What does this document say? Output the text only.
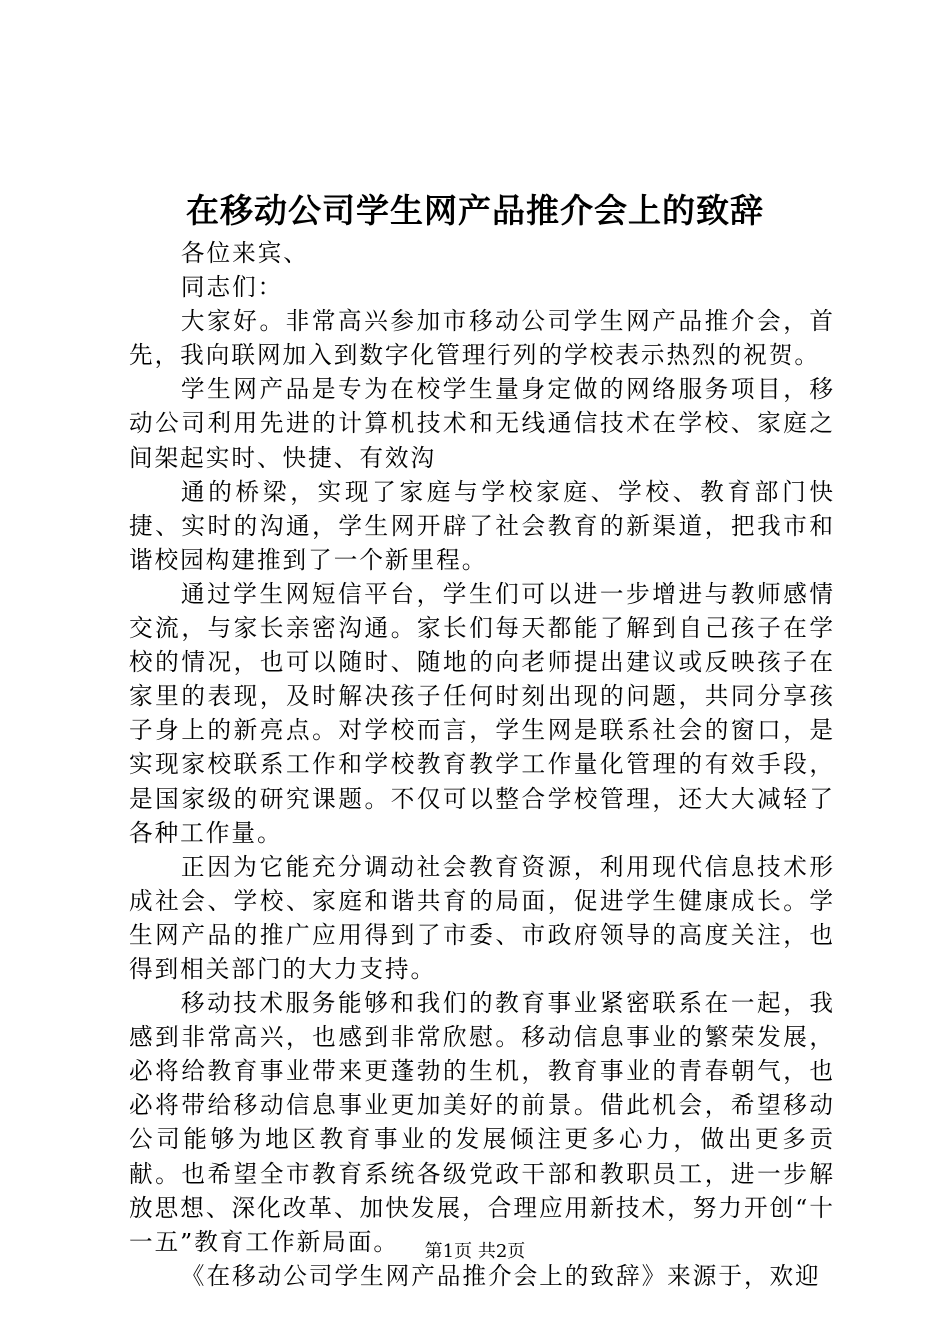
在移动公司学生网产品推介会上的致辞

各位来宾、

同志们：

大家好。非常高兴参加市移动公司学生网产品推介会，首先，我向联网加入到数字化管理行列的学校表示热烈的祝贺。

学生网产品是专为在校学生量身定做的网络服务项目，移动公司利用先进的计算机技术和无线通信技术在学校、家庭之间架起实时、快捷、有效沟

通的桥梁，实现了家庭与学校家庭、学校、教育部门快捷、实时的沟通，学生网开辟了社会教育的新渠道，把我市和谐校园构建推到了一个新里程。

通过学生网短信平台，学生们可以进一步增进与教师感情交流，与家长亲密沟通。家长们每天都能了解到自己孩子在学校的情况，也可以随时、随地的向老师提出建议或反映孩子在家里的表现，及时解决孩子任何时刻出现的问题，共同分享孩子身上的新亮点。对学校而言，学生网是联系社会的窗口，是实现家校联系工作和学校教育教学工作量化管理的有效手段，是国家级的研究课题。不仅可以整合学校管理，还大大减轻了各种工作量。

正因为它能充分调动社会教育资源，利用现代信息技术形成社会、学校、家庭和谐共育的局面，促进学生健康成长。学生网产品的推广应用得到了市委、市政府领导的高度关注，也得到相关部门的大力支持。

移动技术服务能够和我们的教育事业紧密联系在一起，我感到非常高兴，也感到非常欣慰。移动信息事业的繁荣发展，必将给教育事业带来更蓬勃的生机，教育事业的青春朝气，也必将带给移动信息事业更加美好的前景。借此机会，希望移动公司能够为地区教育事业的发展倾注更多心力，做出更多贡献。也希望全市教育系统各级党政干部和教职员工，进一步解放思想、深化改革、加快发展，合理应用新技术，努力开创“十一五”教育工作新局面。

《在移动公司学生网产品推介会上的致辞》来源于，欢迎

第1页 共2页
